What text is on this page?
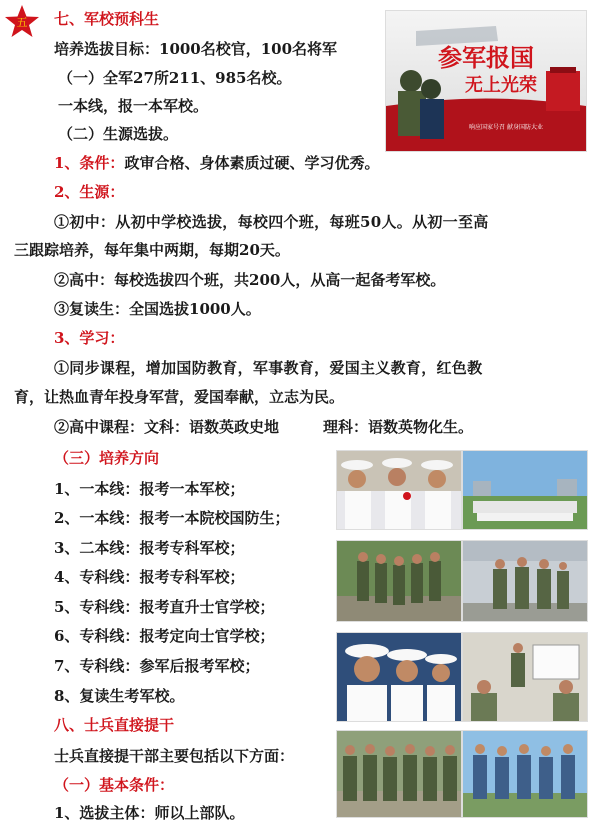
五 七、军校预科生
培养选拔目标：1000名校官，100名将军
（一）全军27所211、985名校。
一本线，报一本军校。
（二）生源选拔。
1、条件：政审合格、身体素质过硬、学习优秀。
2、生源：
①初中：从初中学校选拔，每校四个班，每班50人。从初一至高
三跟踪培养，每年集中两期，每期20天。
②高中：每校选拔四个班，共200人，从高一起备考军校。
③复读生：全国选拔1000人。
3、学习：
①同步课程，增加国防教育，军事教育，爱国主义教育，红色教
育，让热血青年投身军营，爱国奉献，立志为民。
②高中课程：文科：语数英政史地	理科：语数英物化生。
（三）培养方向
1、一本线：报考一本军校；
2、一本线：报考一本院校国防生；
3、二本线：报考专科军校；
4、专科线：报考专科军校；
5、专科线：报考直升士官学校；
6、专科线：报考定向士官学校；
7、专科线：参军后报考军校；
8、复读生考军校。
八、士兵直接提干
士兵直接提干部主要包括以下方面：
（一）基本条件：
1、选拔主体：师以上部队。
参军报国
无上光荣
响应国家号召 献身国防大业
